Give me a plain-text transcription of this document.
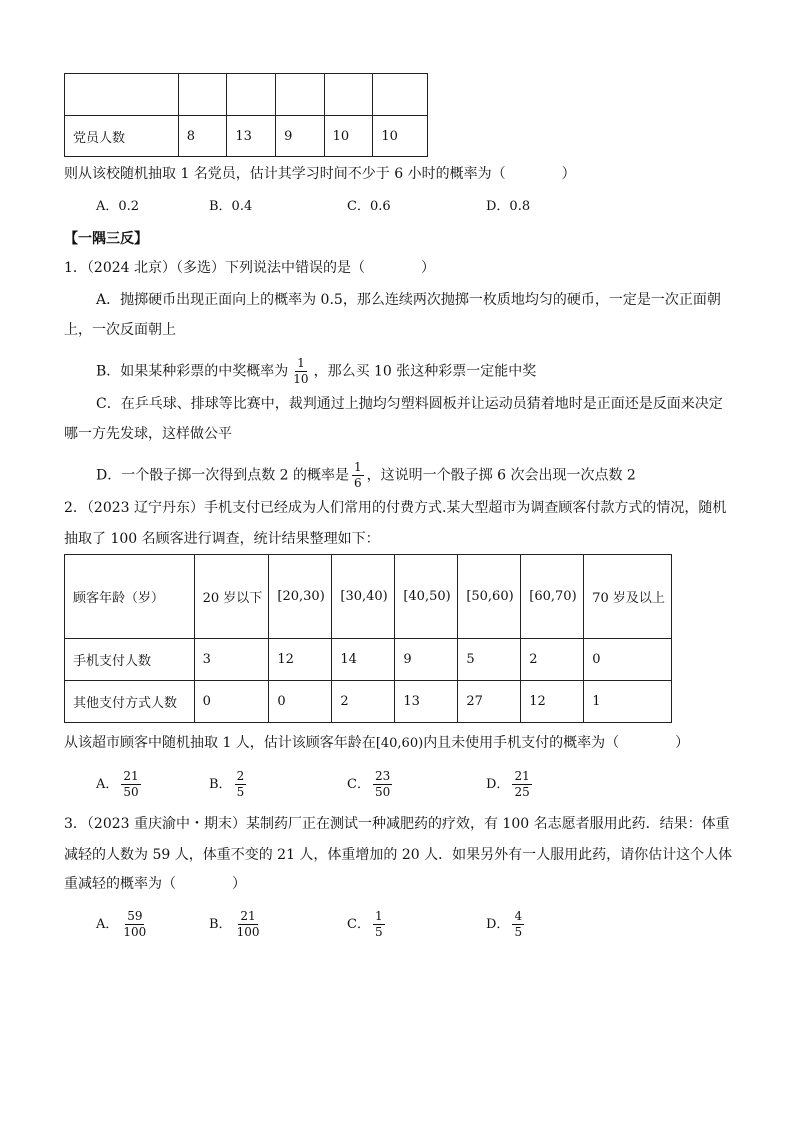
党员人数	8	13	9	10	10
则从该校随机抽取 1 名党员，估计其学习时间不少于 6 小时的概率为（　　　　）
A．0.2	B．0.4	C．0.6	D．0.8
【一隅三反】
1．（2024 北京）（多选）下列说法中错误的是（　　　　）
A．抛掷硬币出现正面向上的概率为 0.5，那么连续两次抛掷一枚质地均匀的硬币，一定是一次正面朝
上，一次反面朝上
B．如果某种彩票的中奖概率为 $\frac{1}{10}$ ，那么买 10 张这种彩票一定能中奖
C．在乒乓球、排球等比赛中，裁判通过上抛均匀塑料圆板并让运动员猜着地时是正面还是反面来决定
哪一方先发球，这样做公平
D．一个骰子掷一次得到点数 2 的概率是 $\frac{1}{6}$ ，这说明一个骰子掷 6 次会出现一次点数 2
2．（2023 辽宁丹东）手机支付已经成为人们常用的付费方式.某大型超市为调查顾客付款方式的情况，随机
抽取了 100 名顾客进行调查，统计结果整理如下：
顾客年龄（岁）	20 岁以下	[20,30)	[30,40)	[40,50)	[50,60)	[60,70)	70 岁及以上
手机支付人数	3	12	14	9	5	2	0
其他支付方式人数	0	0	2	13	27	12	1
从该超市顾客中随机抽取 1 人，估计该顾客年龄在[40,60)内且未使用手机支付的概率为（　　　　）
A． $\frac{21}{50}$	B． $\frac{2}{5}$	C． $\frac{23}{50}$	D． $\frac{21}{25}$
3．（2023 重庆渝中・期末）某制药厂正在测试一种减肥药的疗效，有 100 名志愿者服用此药．结果：体重
减轻的人数为 59 人，体重不变的 21 人，体重增加的 20 人．如果另外有一人服用此药，请你估计这个人体
重减轻的概率为（　　　　）
A． $\frac{59}{100}$	B． $\frac{21}{100}$	C． $\frac{1}{5}$	D． $\frac{4}{5}$
